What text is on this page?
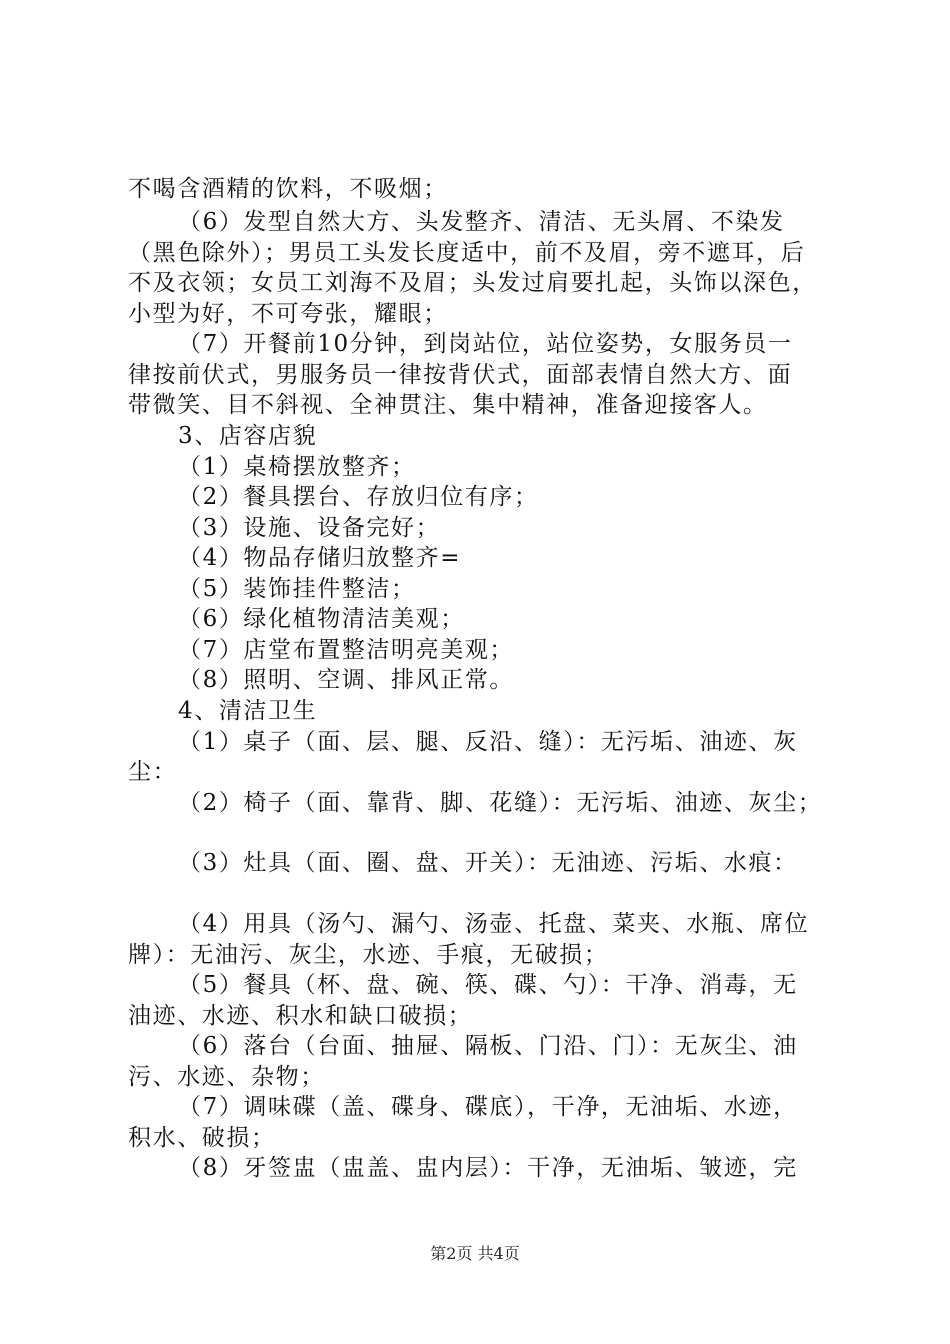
不喝含酒精的饮料，不吸烟；
（6）发型自然大方、头发整齐、清洁、无头屑、不染发
（黑色除外）；男员工头发长度适中，前不及眉，旁不遮耳，后
不及衣领；女员工刘海不及眉；头发过肩要扎起，头饰以深色，
小型为好，不可夸张，耀眼；
（7）开餐前10分钟，到岗站位，站位姿势，女服务员一
律按前伏式，男服务员一律按背伏式，面部表情自然大方、面
带微笑、目不斜视、全神贯注、集中精神，准备迎接客人。
3、店容店貌
（1）桌椅摆放整齐；
（2）餐具摆台、存放归位有序；
（3）设施、设备完好；
（4）物品存储归放整齐=
（5）装饰挂件整洁；
（6）绿化植物清洁美观；
（7）店堂布置整洁明亮美观；
（8）照明、空调、排风正常。
4、清洁卫生
（1）桌子（面、层、腿、反沿、缝）：无污垢、油迹、灰
尘：
（2）椅子（面、靠背、脚、花缝）：无污垢、油迹、灰尘；
（3）灶具（面、圈、盘、开关）：无油迹、污垢、水痕：
（4）用具（汤勺、漏勺、汤壶、托盘、菜夹、水瓶、席位
牌）：无油污、灰尘，水迹、手痕，无破损；
（5）餐具（杯、盘、碗、筷、碟、勺）：干净、消毒，无
油迹、水迹、积水和缺口破损；
（6）落台（台面、抽屉、隔板、门沿、门）：无灰尘、油
污、水迹、杂物；
（7）调味碟（盖、碟身、碟底），干净，无油垢、水迹，
积水、破损；
（8）牙签盅（盅盖、盅内层）：干净，无油垢、皱迹，完
第2页 共4页
